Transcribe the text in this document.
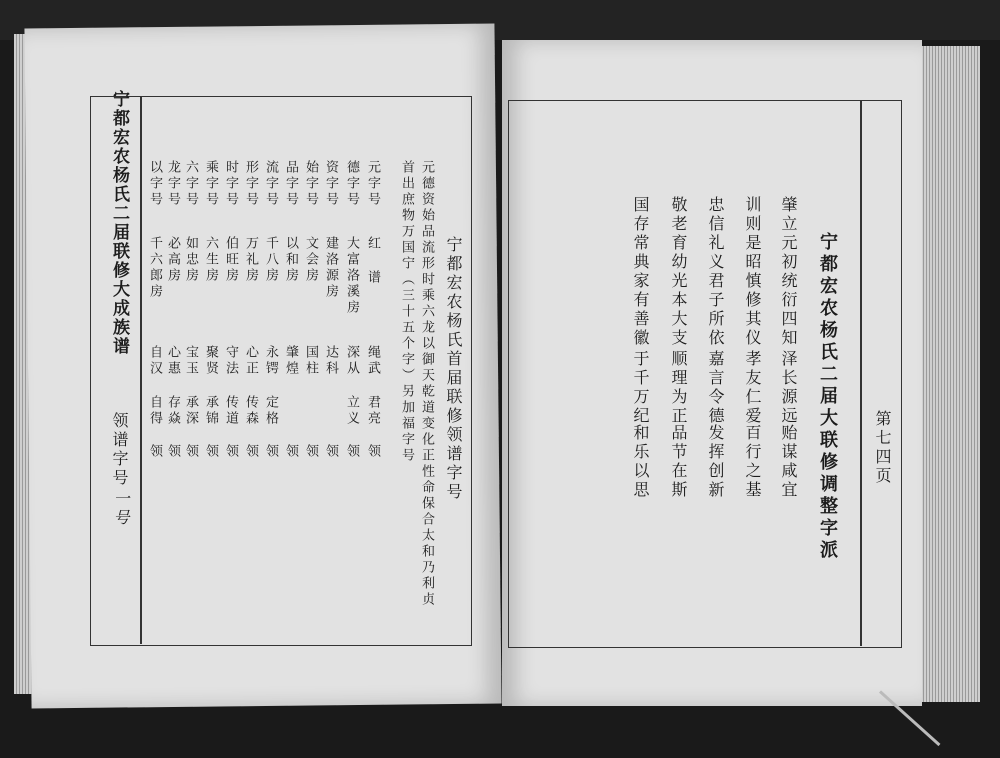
宁都宏农杨氏二届联修大成族谱
领谱字号
一号
宁都宏农杨氏首届联修领谱字号
元德资始品流形时乘六龙以御天乾道变化正性命保合太和乃利贞
首出庶物万国宁（三十五个字）另加福字号
元字号
红 谱
绳武 君亮
领
德字号
大富洛溪房
深从 立义
领
资字号
建洛源房
达科
领
始字号
文会房
国柱
领
品字号
以和房
肇煌
领
流字号
千八房
永锷 定格
领
形字号
万礼房
心正 传森
领
时字号
伯旺房
守法 传道
领
乘字号
六生房
聚贤 承锦
领
六字号
如忠房
宝玉 承深
领
龙字号
必高房
心惠 存焱
领
以字号
千六郎房
自汉 自得
领	第七四页
宁都宏农杨氏二届大联修调整字派
肇立元初
统衍四知
泽长源远
贻谋咸宜
训则是昭
慎修其仪
孝友仁爱
百行之基
忠信礼义
君子所依
嘉言令德
发挥创新
敬老育幼
光本大支
顺理为正
品节在斯
国存常典
家有善徽
于千万纪
和乐以思
